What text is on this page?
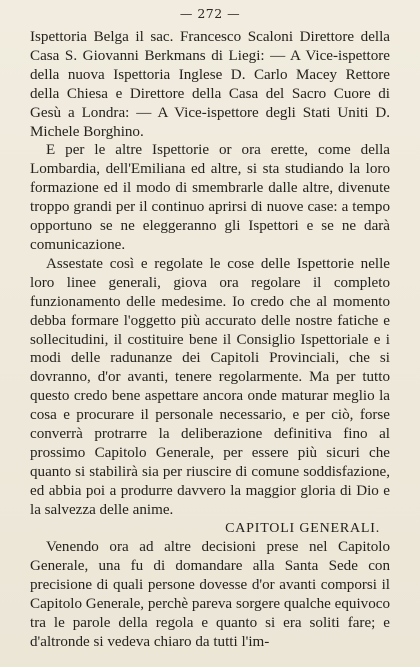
— 272 —

Ispettoria Belga il sac. Francesco Scaloni Direttore della Casa S. Giovanni Berkmans di Liegi: — A Vice-ispettore della nuova Ispettoria Inglese D. Carlo Macey Rettore della Chiesa e Direttore della Casa del Sacro Cuore di Gesù a Londra: — A Vice-ispettore degli Stati Uniti D. Michele Borghino.

E per le altre Ispettorie or ora erette, come della Lombardia, dell'Emiliana ed altre, si sta studiando la loro formazione ed il modo di smembrarle dalle altre, divenute troppo grandi per il continuo aprirsi di nuove case: a tempo opportuno se ne eleggeranno gli Ispettori e se ne darà comunicazione.

Assestate così e regolate le cose delle Ispettorie nelle loro linee generali, giova ora regolare il completo funzionamento delle medesime. Io credo che al momento debba formare l'oggetto più accurato delle nostre fatiche e sollecitudini, il costituire bene il Consiglio Ispettoriale e i modi delle radunanze dei Capitoli Provinciali, che si dovranno, d'or avanti, tenere regolarmente. Ma per tutto questo credo bene aspettare ancora onde maturar meglio la cosa e procurare il personale necessario, e per ciò, forse converrà protrarre la deliberazione definitiva fino al prossimo Capitolo Generale, per essere più sicuri che quanto si stabilirà sia per riuscire di comune soddisfazione, ed abbia poi a produrre davvero la maggior gloria di Dio e la salvezza delle anime.

CAPITOLI GENERALI.

Venendo ora ad altre decisioni prese nel Capitolo Generale, una fu di domandare alla Santa Sede con precisione di quali persone dovesse d'or avanti comporsi il Capitolo Generale, perchè pareva sorgere qualche equivoco tra le parole della regola e quanto si era soliti fare; e d'altronde si vedeva chiaro da tutti l'im-
